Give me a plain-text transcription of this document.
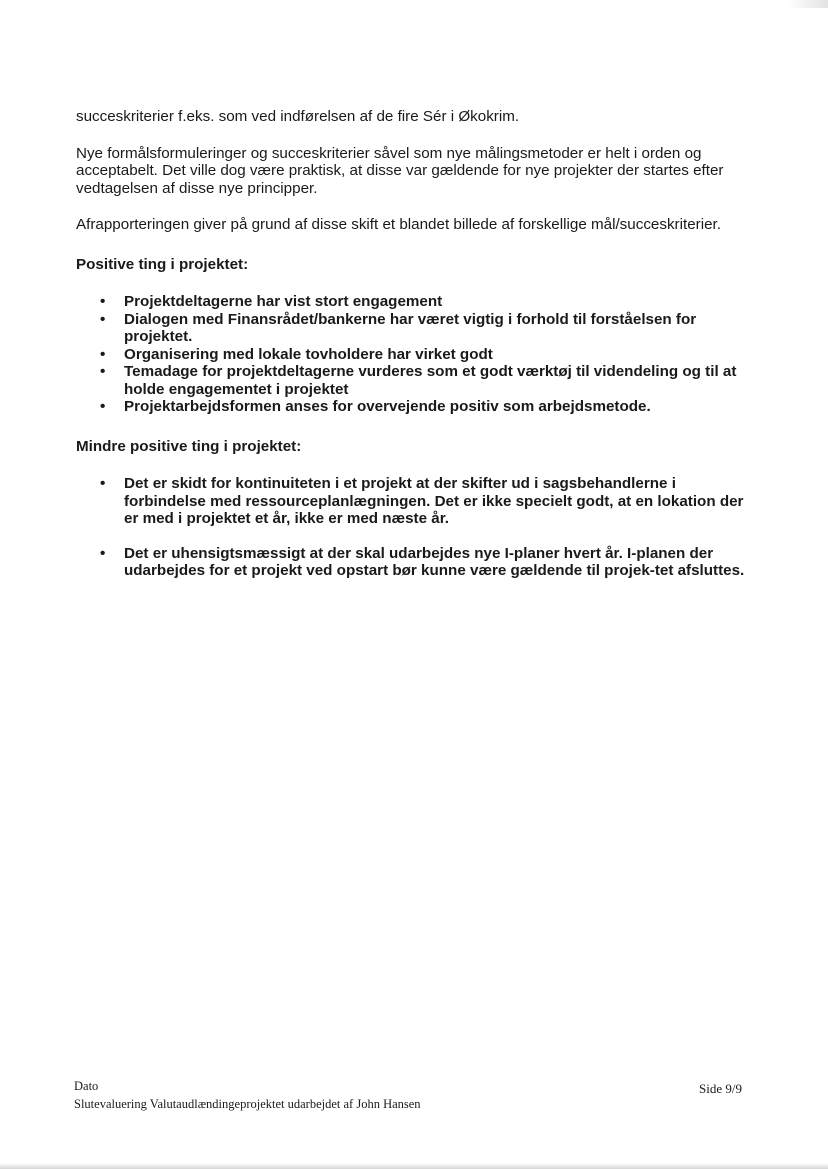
succeskriterier f.eks. som ved indførelsen af de fire Sér i Økokrim.

Nye formålsformuleringer og succeskriterier såvel som nye målingsmetoder er helt i orden og acceptabelt. Det ville dog være praktisk, at disse var gældende for nye projekter der startes efter vedtagelsen af disse nye principper.

Afrapporteringen giver på grund af disse skift et blandet billede af forskellige mål/succeskriterier.

Positive ting i projektet:
• Projektdeltagerne har vist stort engagement
• Dialogen med Finansrådet/bankerne har været vigtig i forhold til forståelsen for projektet.
• Organisering med lokale tovholdere har virket godt
• Temadage for projektdeltagerne vurderes som et godt værktøj til videndeling og til at holde engagementet i projektet
• Projektarbejdsformen anses for overvejende positiv som arbejdsmetode.
Mindre positive ting i projektet:
• Det er skidt for kontinuiteten i et projekt at der skifter ud i sagsbehandlerne i forbindelse med ressourceplanlægningen. Det er ikke specielt godt, at en lokation der er med i projektet et år, ikke er med næste år.
• Det er uhensigtsmæssigt at der skal udarbejdes nye I-planer hvert år. I-planen der udarbejdes for et projekt ved opstart bør kunne være gældende til projek-tet afsluttes.
Dato
Slutevaluering Valutaudlændingeprojektet udarbejdet af John Hansen
Side 9/9
